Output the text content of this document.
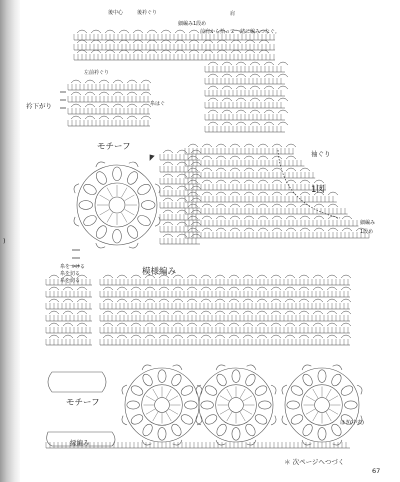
)
後中心	後衿ぐり	肩
細編み1段め
前肩から拾って一緒に編みつなぐ。
左前衿ぐり
衿下がり	糸はぐ
モチーフ
袖ぐり
1図
細編み
1段め
糸をつける
糸を切る
糸を切る
模様編み
モチーフ
縁編み
はぎ(中表)
＊ 次ページへつづく
67
